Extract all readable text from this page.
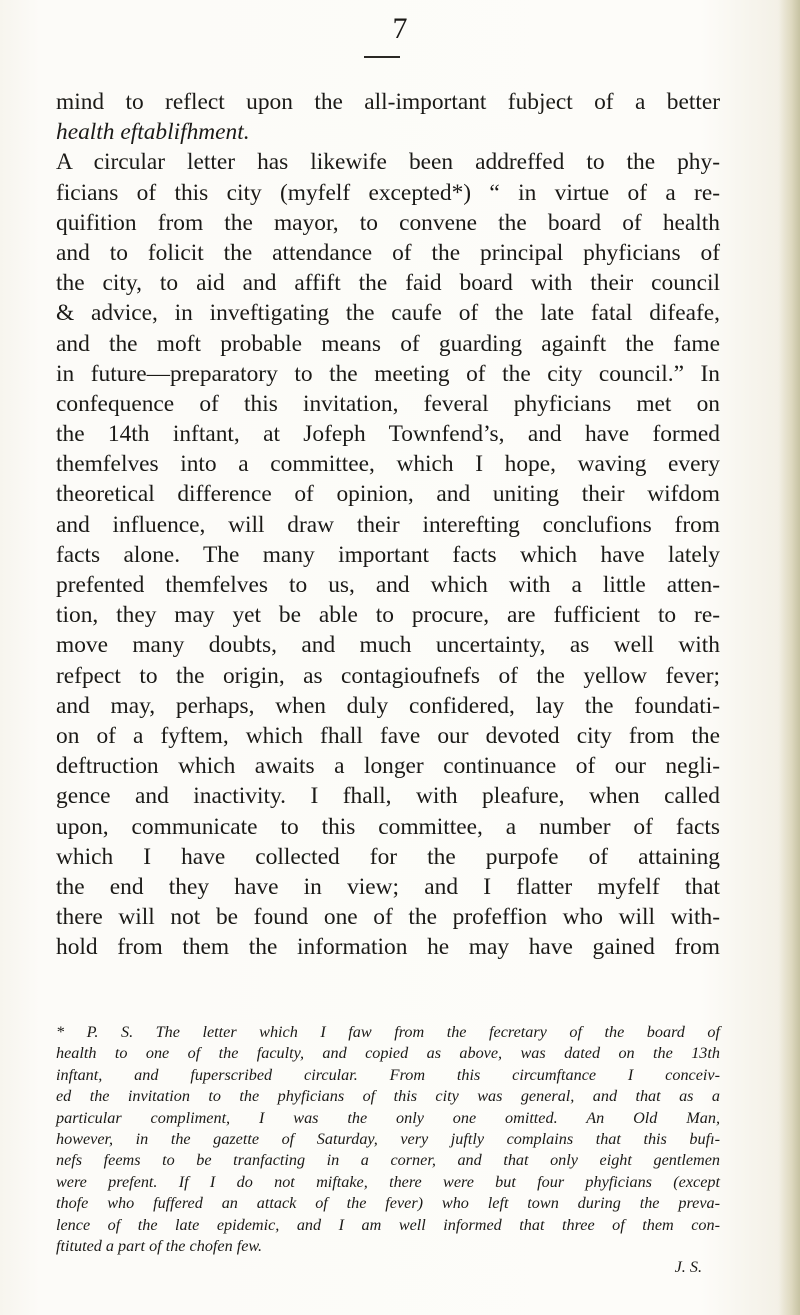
7
mind to reflect upon the all-important fubject of a better
health eftablifhment.
A circular letter has likewife been addreffed to the phy-
ficians of this city (myfelf excepted*) “ in virtue of a re-
quifition from the mayor, to convene the board of health
and to folicit the attendance of the principal phyficians of
the city, to aid and affift the faid board with their council
& advice, in inveftigating the caufe of the late fatal difeafe,
and the moft probable means of guarding againft the fame
in future—preparatory to the meeting of the city council.” In
confequence of this invitation, feveral phyficians met on
the 14th inftant, at Jofeph Townfend’s, and have formed
themfelves into a committee, which I hope, waving every
theoretical difference of opinion, and uniting their wifdom
and influence, will draw their interefting conclufions from
facts alone. The many important facts which have lately
prefented themfelves to us, and which with a little atten-
tion, they may yet be able to procure, are fufficient to re-
move many doubts, and much uncertainty, as well with
refpect to the origin, as contagioufnefs of the yellow fever;
and may, perhaps, when duly confidered, lay the foundati-
on of a fyftem, which fhall fave our devoted city from the
deftruction which awaits a longer continuance of our negli-
gence and inactivity. I fhall, with pleafure, when called
upon, communicate to this committee, a number of facts
which I have collected for the purpofe of attaining
the end they have in view; and I flatter myfelf that
there will not be found one of the profeffion who will with-
hold from them the information he may have gained from
* P. S. The letter which I faw from the fecretary of the board of
health to one of the faculty, and copied as above, was dated on the 13th
inftant, and fuperscribed circular. From this circumftance I conceiv-
ed the invitation to the phyficians of this city was general, and that as a
particular compliment, I was the only one omitted. An Old Man,
however, in the gazette of Saturday, very juftly complains that this bufı-
nefs feems to be tranfacting in a corner, and that only eight gentlemen
were prefent. If I do not miftake, there were but four phyficians (except
thofe who fuffered an attack of the fever) who left town during the preva-
lence of the late epidemic, and I am well informed that three of them con-
ftituted a part of the chofen few.
J. S.
